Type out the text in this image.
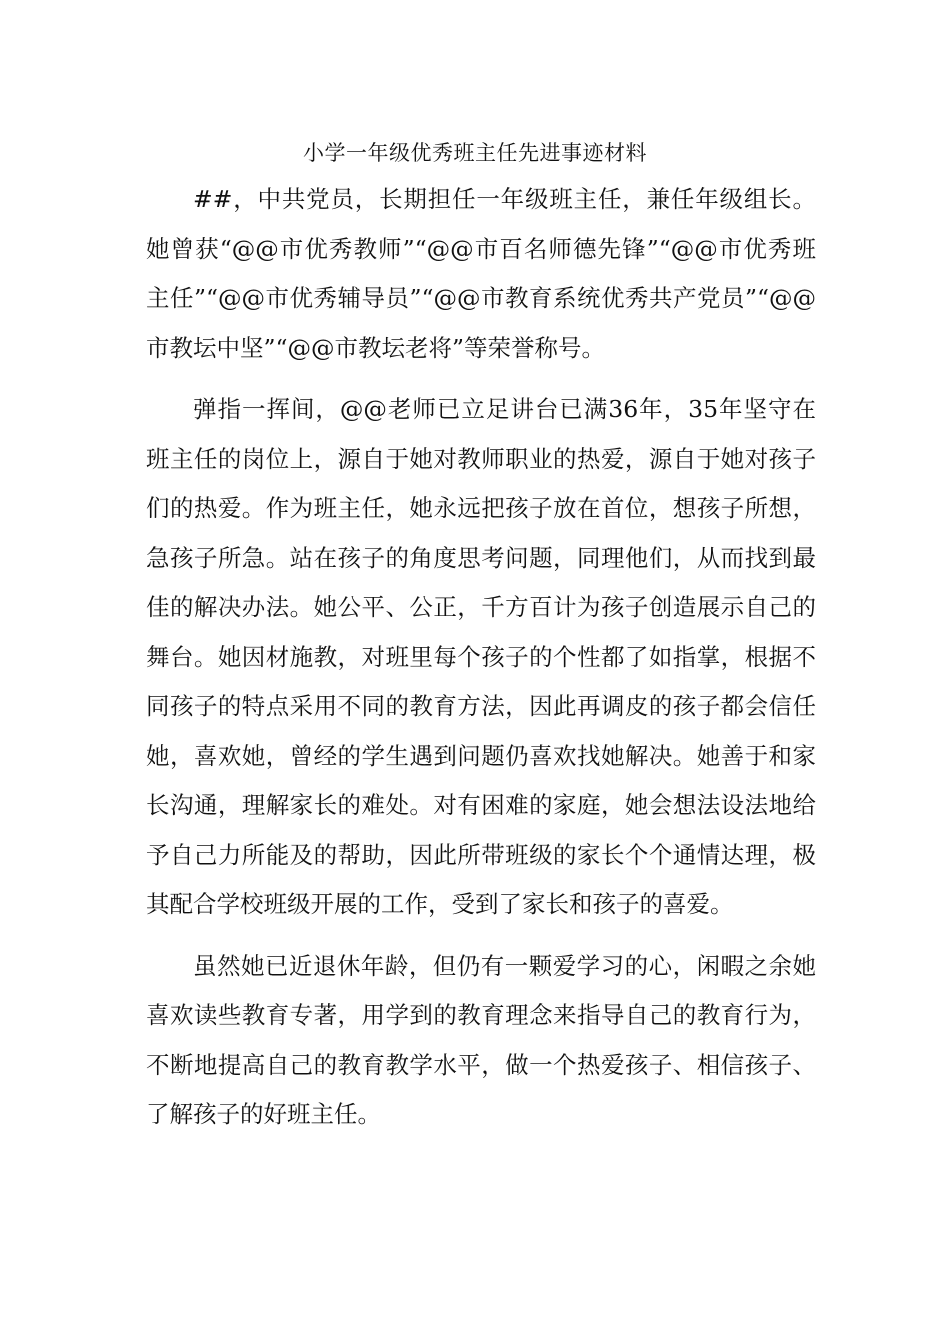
小学一年级优秀班主任先进事迹材料

##，中共党员，长期担任一年级班主任，兼任年级组长。她曾获“@@市优秀教师”“@@市百名师德先锋”“@@市优秀班主任”“@@市优秀辅导员”“@@市教育系统优秀共产党员”“@@市教坛中坚”“@@市教坛老将”等荣誉称号。

弹指一挥间，@@老师已立足讲台已满36年，35年坚守在班主任的岗位上，源自于她对教师职业的热爱，源自于她对孩子们的热爱。作为班主任，她永远把孩子放在首位，想孩子所想，急孩子所急。站在孩子的角度思考问题，同理他们，从而找到最佳的解决办法。她公平、公正，千方百计为孩子创造展示自己的舞台。她因材施教，对班里每个孩子的个性都了如指掌，根据不同孩子的特点采用不同的教育方法，因此再调皮的孩子都会信任她，喜欢她，曾经的学生遇到问题仍喜欢找她解决。她善于和家长沟通，理解家长的难处。对有困难的家庭，她会想法设法地给予自己力所能及的帮助，因此所带班级的家长个个通情达理，极其配合学校班级开展的工作，受到了家长和孩子的喜爱。

虽然她已近退休年龄，但仍有一颗爱学习的心，闲暇之余她喜欢读些教育专著，用学到的教育理念来指导自己的教育行为，不断地提高自己的教育教学水平，做一个热爱孩子、相信孩子、了解孩子的好班主任。
